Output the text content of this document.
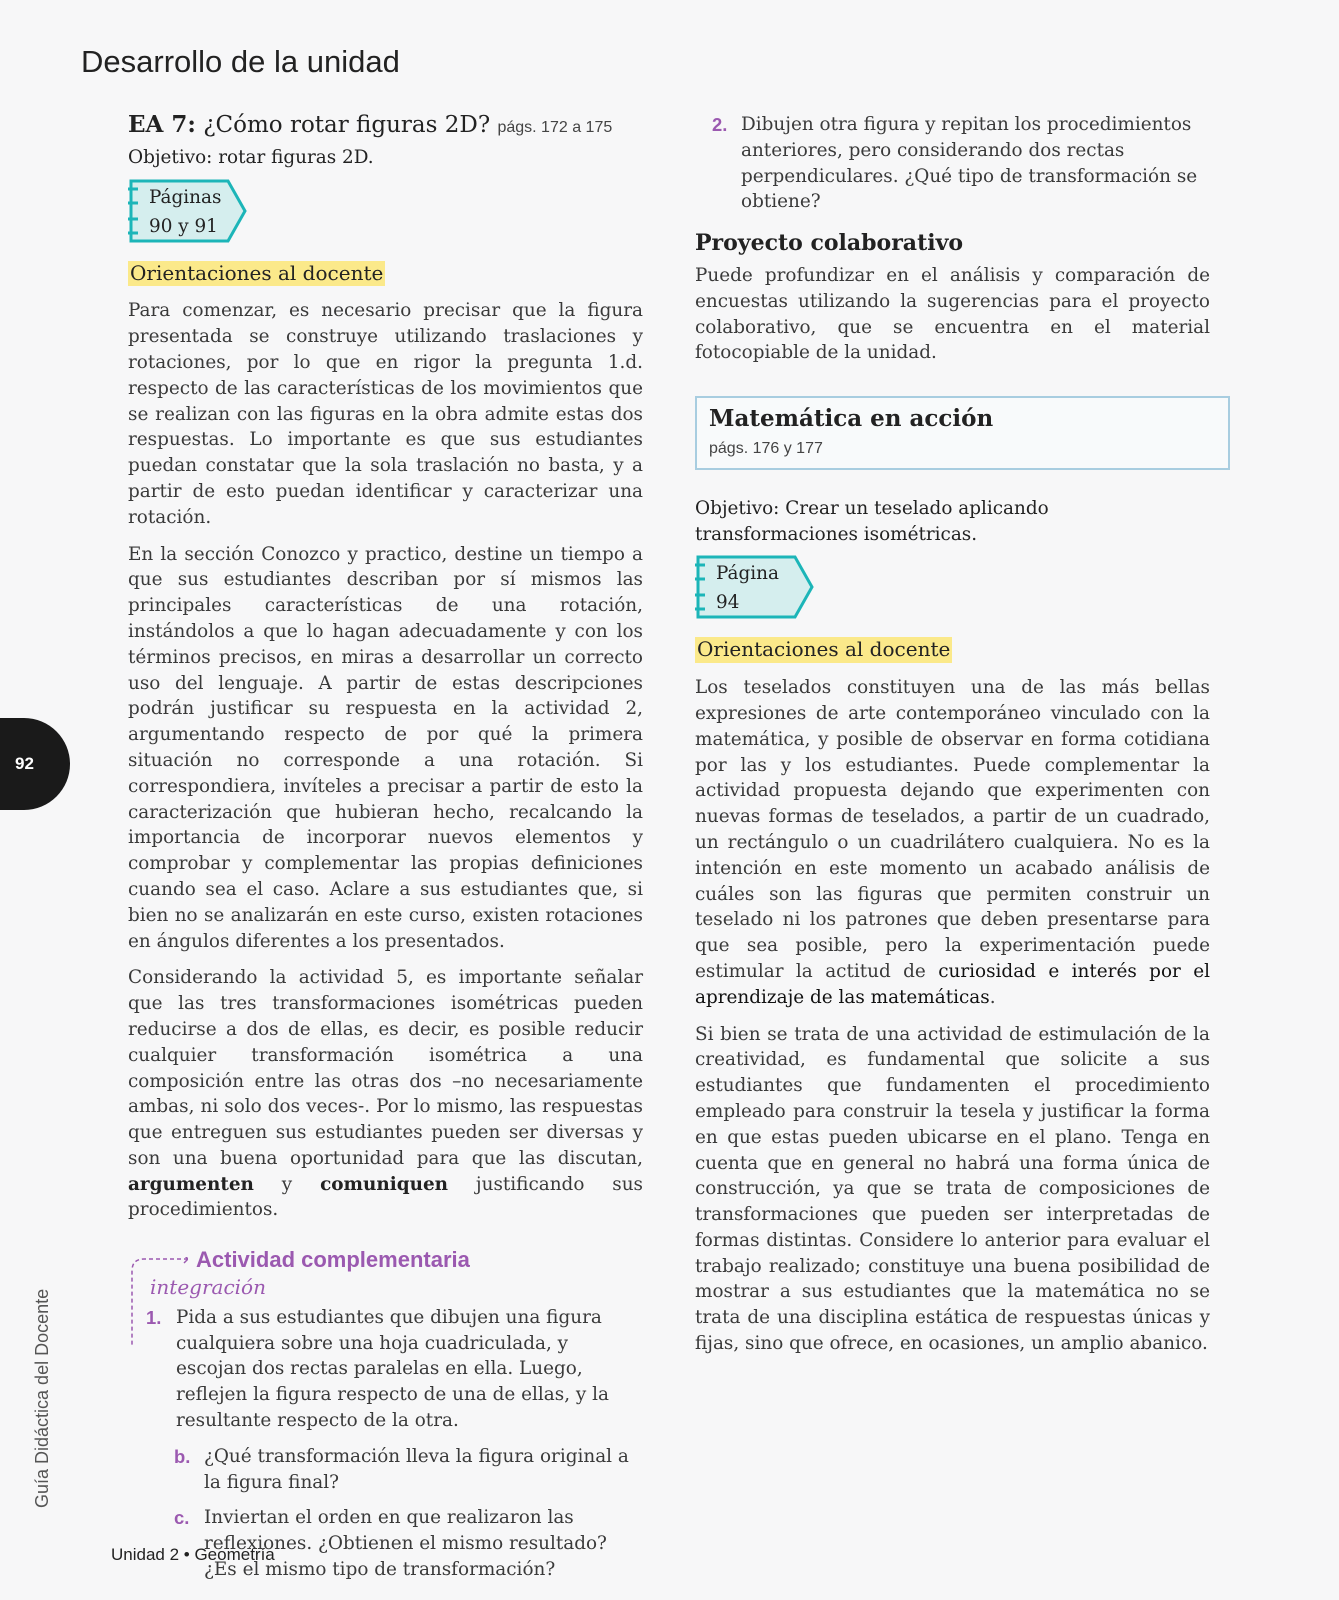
Desarrollo de la unidad
EA 7: ¿Cómo rotar figuras 2D? págs. 172 a 175
Objetivo: rotar figuras 2D.
Páginas
90 y 91
Orientaciones al docente

Para comenzar, es necesario precisar que la figura presentada se construye utilizando traslaciones y rotaciones, por lo que en rigor la pregunta 1.d. respecto de las características de los movimientos que se realizan con las figuras en la obra admite estas dos respuestas. Lo importante es que sus estudiantes puedan constatar que la sola traslación no basta, y a partir de esto puedan identificar y caracterizar una rotación.

En la sección Conozco y practico, destine un tiempo a que sus estudiantes describan por sí mismos las principales características de una rotación, instándolos a que lo hagan adecuadamente y con los términos precisos, en miras a desarrollar un correcto uso del lenguaje. A partir de estas descripciones podrán justificar su respuesta en la actividad 2, argumentando respecto de por qué la primera situación no corresponde a una rotación. Si correspondiera, invíteles a precisar a partir de esto la caracterización que hubieran hecho, recalcando la importancia de incorporar nuevos elementos y comprobar y complementar las propias definiciones cuando sea el caso. Aclare a sus estudiantes que, si bien no se analizarán en este curso, existen rotaciones en ángulos diferentes a los presentados.

Considerando la actividad 5, es importante señalar que las tres transformaciones isométricas pueden reducirse a dos de ellas, es decir, es posible reducir cualquier transformación isométrica a una composición entre las otras dos –no necesariamente ambas, ni solo dos veces-. Por lo mismo, las respuestas que entreguen sus estudiantes pueden ser diversas y son una buena oportunidad para que las discutan, argumenten y comuniquen justificando sus procedimientos.

Actividad complementaria
integración
1. Pida a sus estudiantes que dibujen una figura cualquiera sobre una hoja cuadriculada, y escojan dos rectas paralelas en ella. Luego, reflejen la figura respecto de una de ellas, y la resultante respecto de la otra.
b. ¿Qué transformación lleva la figura original a la figura final?
c. Inviertan el orden en que realizaron las reflexiones. ¿Obtienen el mismo resultado? ¿Es el mismo tipo de transformación?
2. Dibujen otra figura y repitan los procedimientos anteriores, pero considerando dos rectas perpendiculares. ¿Qué tipo de transformación se obtiene?
Proyecto colaborativo

Puede profundizar en el análisis y comparación de encuestas utilizando la sugerencias para el proyecto colaborativo, que se encuentra en el material fotocopiable de la unidad.

Matemática en acción
págs. 176 y 177
Objetivo: Crear un teselado aplicando transformaciones isométricas.
Página
94
Orientaciones al docente

Los teselados constituyen una de las más bellas expresiones de arte contemporáneo vinculado con la matemática, y posible de observar en forma cotidiana por las y los estudiantes. Puede complementar la actividad propuesta dejando que experimenten con nuevas formas de teselados, a partir de un cuadrado, un rectángulo o un cuadrilátero cualquiera. No es la intención en este momento un acabado análisis de cuáles son las figuras que permiten construir un teselado ni los patrones que deben presentarse para que sea posible, pero la experimentación puede estimular la actitud de curiosidad e interés por el aprendizaje de las matemáticas.

Si bien se trata de una actividad de estimulación de la creatividad, es fundamental que solicite a sus estudiantes que fundamenten el procedimiento empleado para construir la tesela y justificar la forma en que estas pueden ubicarse en el plano. Tenga en cuenta que en general no habrá una forma única de construcción, ya que se trata de composiciones de transformaciones que pueden ser interpretadas de formas distintas. Considere lo anterior para evaluar el trabajo realizado; constituye una buena posibilidad de mostrar a sus estudiantes que la matemática no se trata de una disciplina estática de respuestas únicas y fijas, sino que ofrece, en ocasiones, un amplio abanico.

92
Guía Didáctica del Docente
Unidad 2 • Geometría
